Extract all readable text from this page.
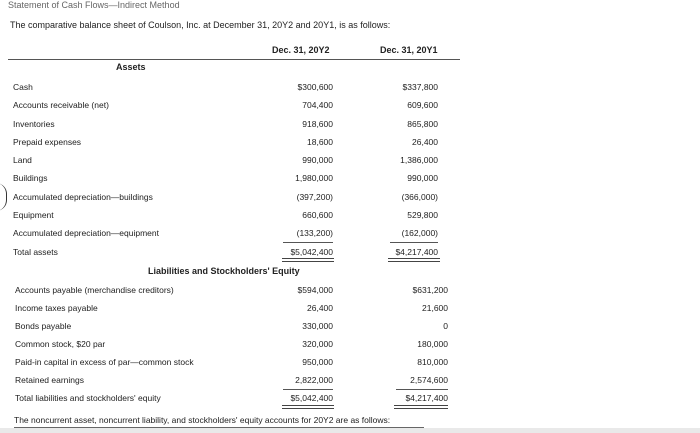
Statement of Cash Flows—Indirect Method
The comparative balance sheet of Coulson, Inc. at December 31, 20Y2 and 20Y1, is as follows:
Dec. 31, 20Y2	Dec. 31, 20Y1
Assets
Cash	$300,600	$337,800
Accounts receivable (net)	704,400	609,600
Inventories	918,600	865,800
Prepaid expenses	18,600	26,400
Land	990,000	1,386,000
Buildings	1,980,000	990,000
Accumulated depreciation—buildings	(397,200)	(366,000)
Equipment	660,600	529,800
Accumulated depreciation—equipment	(133,200)	(162,000)
Total assets	$5,042,400	$4,217,400
Liabilities and Stockholders' Equity
Accounts payable (merchandise creditors)	$594,000	$631,200
Income taxes payable	26,400	21,600
Bonds payable	330,000	0
Common stock, $20 par	320,000	180,000
Paid-in capital in excess of par—common stock	950,000	810,000
Retained earnings	2,822,000	2,574,600
Total liabilities and stockholders' equity	$5,042,400	$4,217,400
The noncurrent asset, noncurrent liability, and stockholders' equity accounts for 20Y2 are as follows:
